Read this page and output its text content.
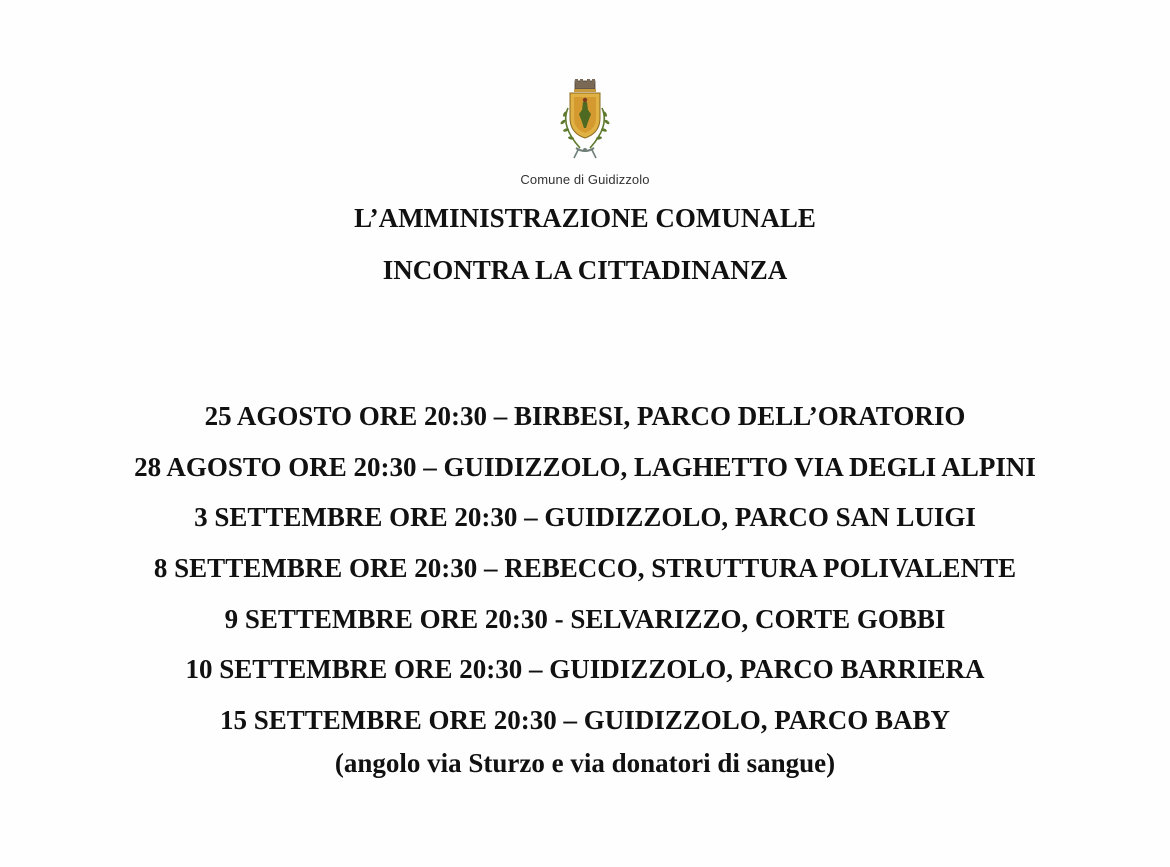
Comune di Guidizzolo
L’AMMINISTRAZIONE COMUNALE
INCONTRA LA CITTADINANZA
25 AGOSTO ORE 20:30 – BIRBESI, PARCO DELL’ORATORIO
28 AGOSTO ORE 20:30 – GUIDIZZOLO, LAGHETTO VIA DEGLI ALPINI
3 SETTEMBRE ORE 20:30 – GUIDIZZOLO, PARCO SAN LUIGI
8 SETTEMBRE ORE 20:30 – REBECCO, STRUTTURA POLIVALENTE
9 SETTEMBRE ORE 20:30 - SELVARIZZO, CORTE GOBBI
10 SETTEMBRE ORE 20:30 – GUIDIZZOLO, PARCO BARRIERA
15 SETTEMBRE ORE 20:30 – GUIDIZZOLO, PARCO BABY
(angolo via Sturzo e via donatori di sangue)
